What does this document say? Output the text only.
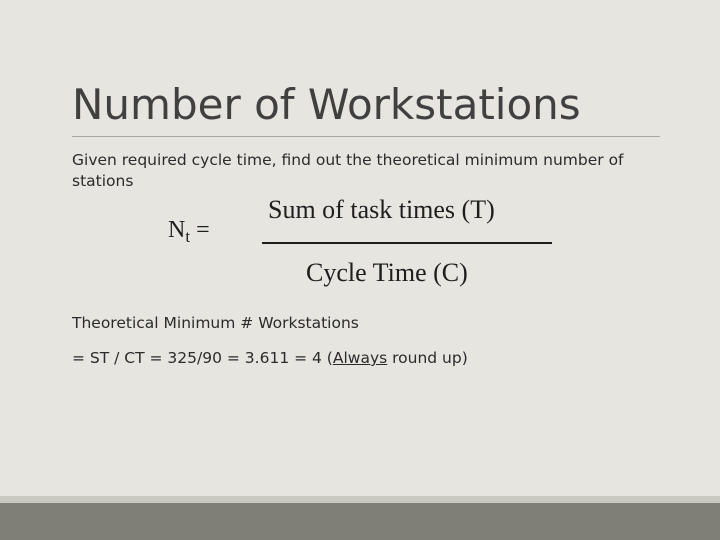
Number of Workstations
Given required cycle time, find out the theoretical minimum number of stations
$N_t$ =
Sum of task times (T)
Cycle Time (C)
Theoretical Minimum # Workstations
= ST / CT = 325/90 = 3.611 = 4 (Always round up)
